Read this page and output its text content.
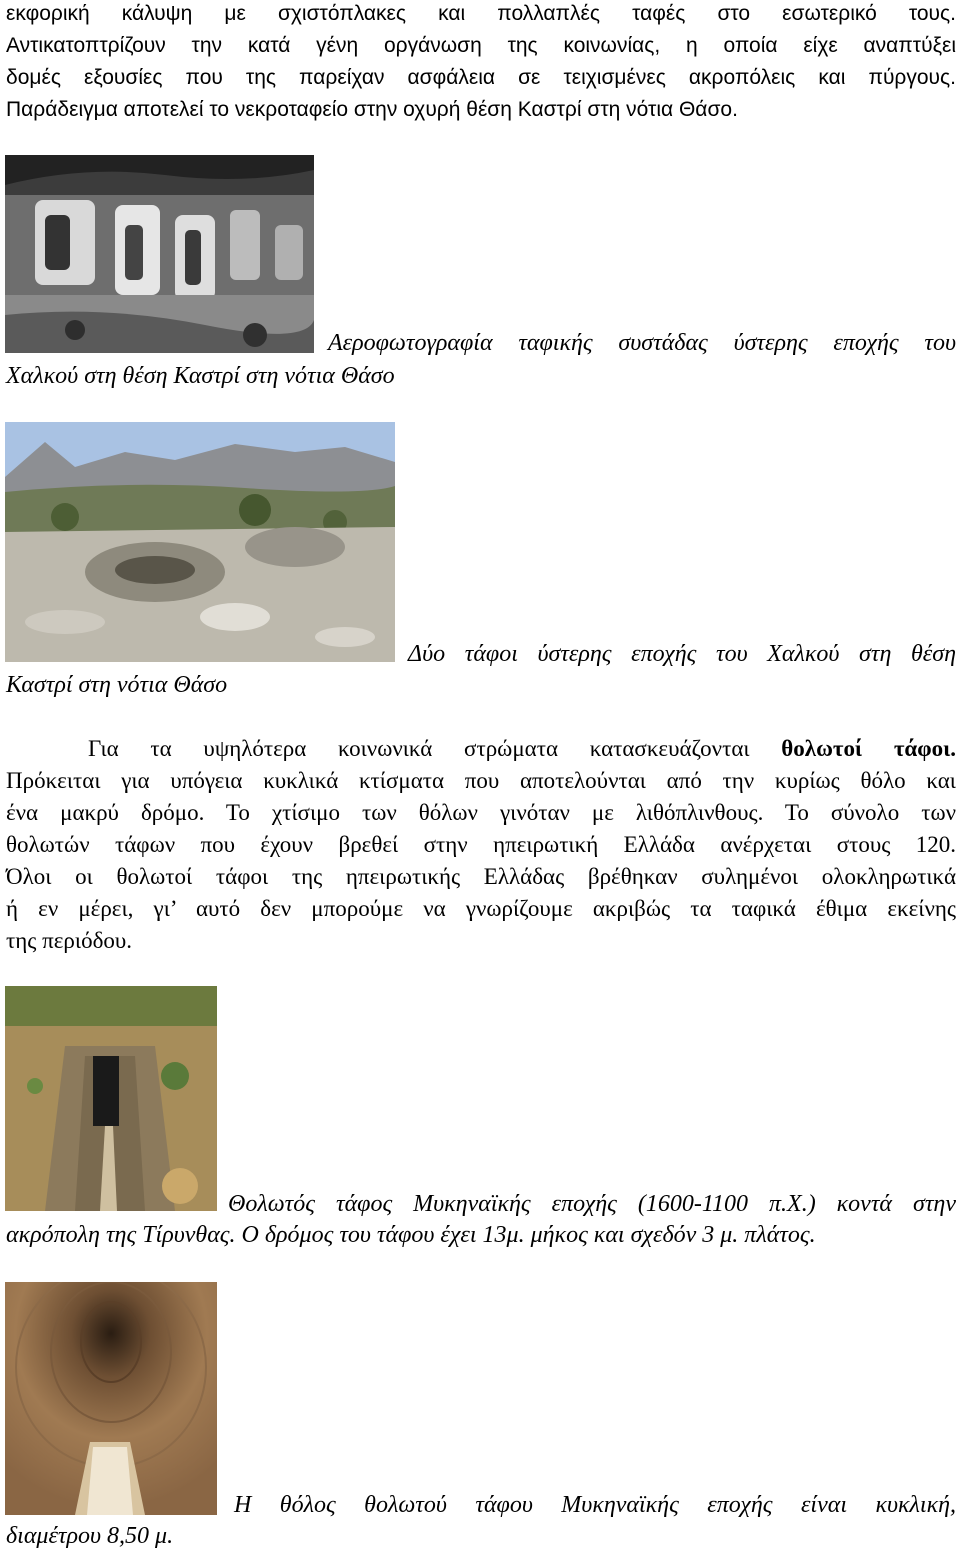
εκφορική κάλυψη με σχιστόπλακες και πολλαπλές ταφές στο εσωτερικό τους.
Αντικατοπτρίζουν την κατά γένη οργάνωση της κοινωνίας, η οποία είχε αναπτύξει
δομές εξουσίες που της παρείχαν ασφάλεια σε τειχισμένες ακροπόλεις και πύργους.
Παράδειγμα αποτελεί το νεκροταφείο στην οχυρή θέση Καστρί στη νότια Θάσο.
Αεροφωτογραφία ταφικής συστάδας ύστερης εποχής του
Χαλκού στη θέση Καστρί στη νότια Θάσο
Δύο τάφοι ύστερης εποχής του Χαλκού στη θέση
Καστρί στη νότια Θάσο
Για τα υψηλότερα κοινωνικά στρώματα κατασκευάζονται θολωτοί τάφοι.
Πρόκειται για υπόγεια κυκλικά κτίσματα που αποτελούνται από την κυρίως θόλο και
ένα μακρύ δρόμο. Το χτίσιμο των θόλων γινόταν με λιθόπλινθους. Το σύνολο των
θολωτών τάφων που έχουν βρεθεί στην ηπειρωτική Ελλάδα ανέρχεται στους 120.
Όλοι οι θολωτοί τάφοι της ηπειρωτικής Ελλάδας βρέθηκαν συλημένοι ολοκληρωτικά
ή εν μέρει, γι’ αυτό δεν μπορούμε να γνωρίζουμε ακριβώς τα ταφικά έθιμα εκείνης
της περιόδου.
Θολωτός τάφος Μυκηναϊκής εποχής (1600-1100 π.Χ.) κοντά στην
ακρόπολη της Τίρυνθας. Ο δρόμος του τάφου έχει 13μ. μήκος και σχεδόν 3 μ. πλάτος.
Η θόλος θολωτού τάφου Μυκηναϊκής εποχής είναι κυκλική,
διαμέτρου 8,50 μ.
